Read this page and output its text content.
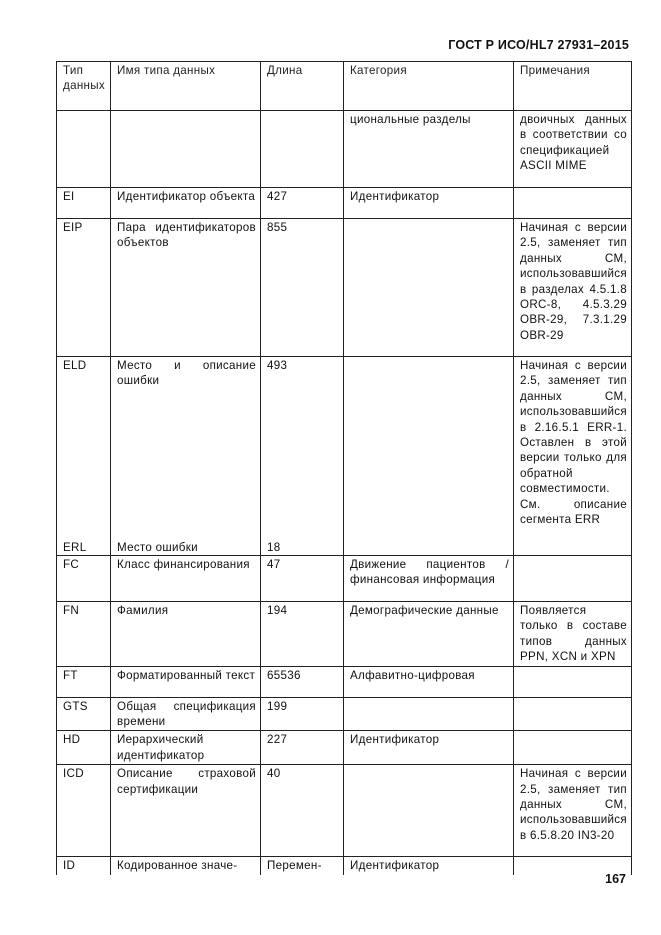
ГОСТ Р ИСО/HL7 27931–2015
Тип данных	Имя типа данных	Длина	Категория	Примечания
			циональные разделы	двоичных данных в соответствии со спецификацией ASCII MIME
EI	Идентификатор объекта	427	Идентификатор	
EIP	Пара идентификаторов объектов	855		Начиная с версии 2.5, заменяет тип данных CM, использовавшийся в разделах 4.5.1.8 ORC-8, 4.5.3.29 OBR-29, 7.3.1.29 OBR-29
ELD	Место и описание ошибки	493		Начиная с версии 2.5, заменяет тип данных CM, использовавшийся в 2.16.5.1 ERR-1. Оставлен в этой версии только для обратной совместимости. См. описание сегмента ERR
ERL	Место ошибки	18		
FC	Класс финансирования	47	Движение пациентов /финансовая информация	
FN	Фамилия	194	Демографические данные	Появляется только в составе типов данных PPN, XCN и XPN
FT	Форматированный текст	65536	Алфавитно-цифровая	
GTS	Общая спецификация времени	199		
HD	Иерархический идентификатор	227	Идентификатор	
ICD	Описание страховой сертификации	40		Начиная с версии 2.5, заменяет тип данных CM, использовавшийся в 6.5.8.20 IN3-20
ID	Кодированное значе-	Перемен-	Идентификатор	
167
